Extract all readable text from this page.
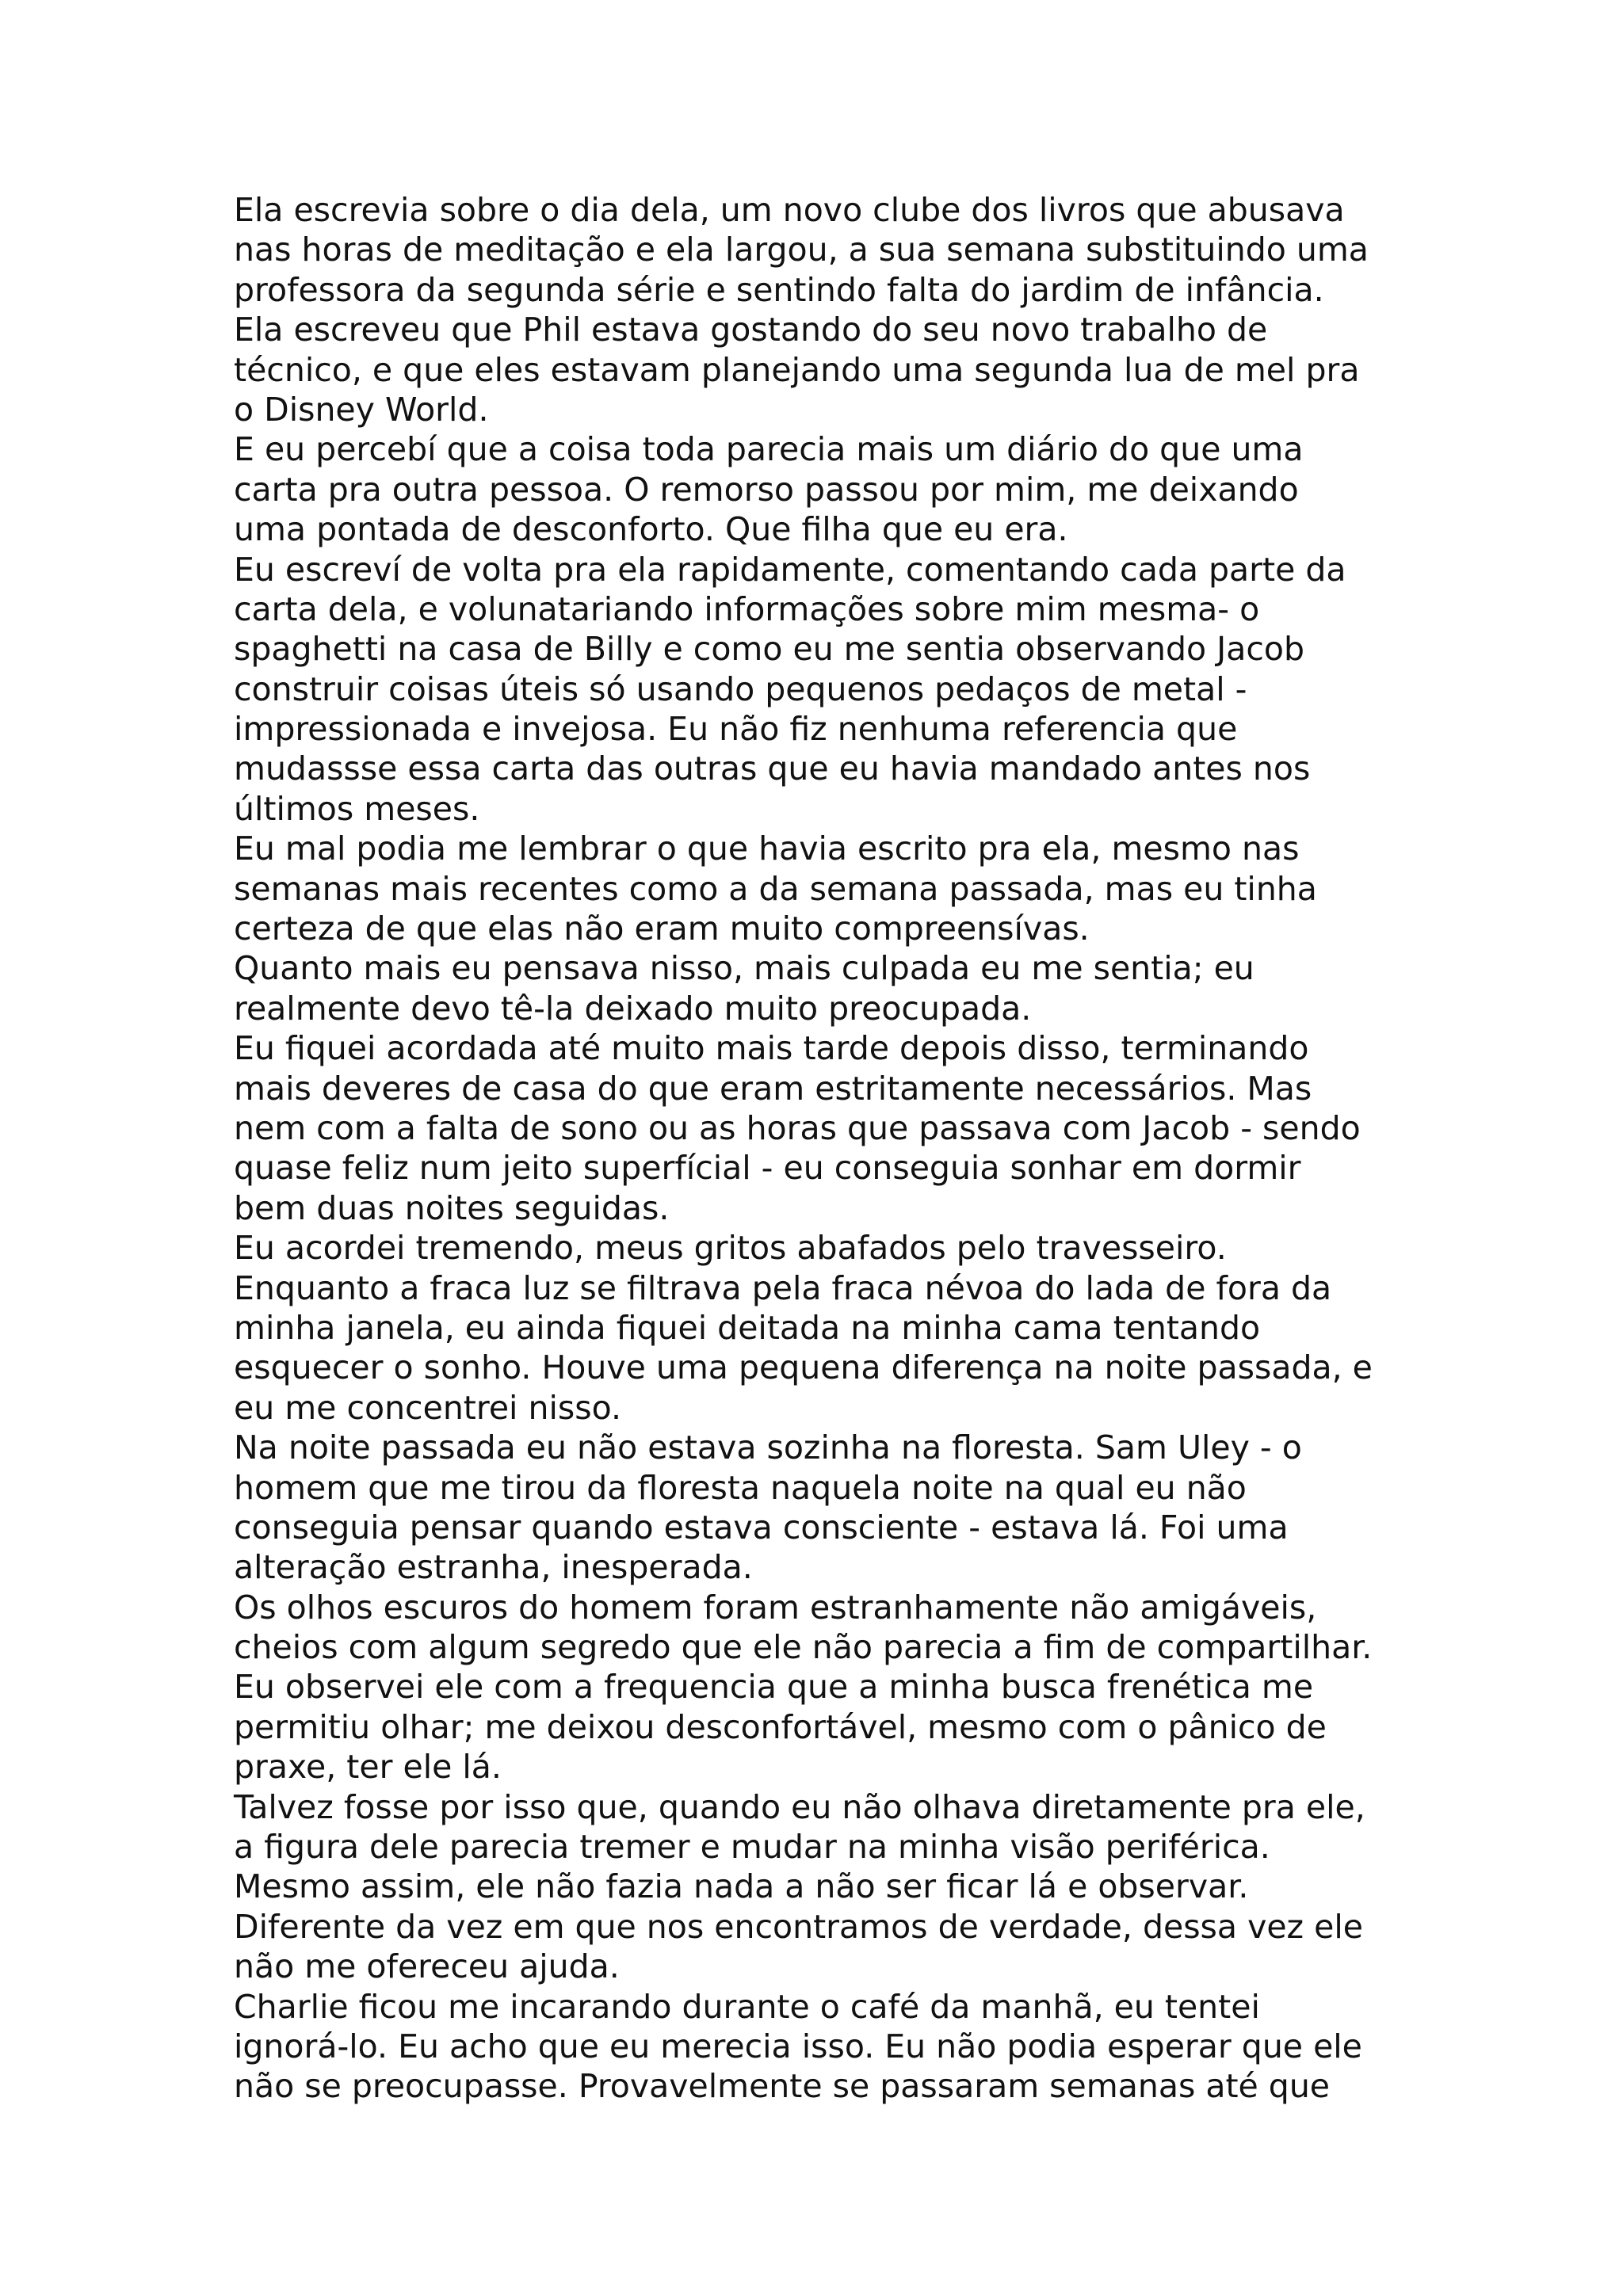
Ela escrevia sobre o dia dela, um novo clube dos livros que abusava
nas horas de meditação e ela largou, a sua semana substituindo uma
professora da segunda série e sentindo falta do jardim de infância.
Ela escreveu que Phil estava gostando do seu novo trabalho de
técnico, e que eles estavam planejando uma segunda lua de mel pra
o Disney World.
E eu percebí que a coisa toda parecia mais um diário do que uma
carta pra outra pessoa. O remorso passou por mim, me deixando
uma pontada de desconforto. Que filha que eu era.
Eu escreví de volta pra ela rapidamente, comentando cada parte da
carta dela, e volunatariando informações sobre mim mesma- o
spaghetti na casa de Billy e como eu me sentia observando Jacob
construir coisas úteis só usando pequenos pedaços de metal -
impressionada e invejosa. Eu não fiz nenhuma referencia que
mudassse essa carta das outras que eu havia mandado antes nos
últimos meses.
Eu mal podia me lembrar o que havia escrito pra ela, mesmo nas
semanas mais recentes como a da semana passada, mas eu tinha
certeza de que elas não eram muito compreensívas.
Quanto mais eu pensava nisso, mais culpada eu me sentia; eu
realmente devo tê-la deixado muito preocupada.
Eu fiquei acordada até muito mais tarde depois disso, terminando
mais deveres de casa do que eram estritamente necessários. Mas
nem com a falta de sono ou as horas que passava com Jacob - sendo
quase feliz num jeito superfícial - eu conseguia sonhar em dormir
bem duas noites seguidas.
Eu acordei tremendo, meus gritos abafados pelo travesseiro.
Enquanto a fraca luz se filtrava pela fraca névoa do lada de fora da
minha janela, eu ainda fiquei deitada na minha cama tentando
esquecer o sonho. Houve uma pequena diferença na noite passada, e
eu me concentrei nisso.
Na noite passada eu não estava sozinha na floresta. Sam Uley - o
homem que me tirou da floresta naquela noite na qual eu não
conseguia pensar quando estava consciente - estava lá. Foi uma
alteração estranha, inesperada.
Os olhos escuros do homem foram estranhamente não amigáveis,
cheios com algum segredo que ele não parecia a fim de compartilhar.
Eu observei ele com a frequencia que a minha busca frenética me
permitiu olhar; me deixou desconfortável, mesmo com o pânico de
praxe, ter ele lá.
Talvez fosse por isso que, quando eu não olhava diretamente pra ele,
a figura dele parecia tremer e mudar na minha visão periférica.
Mesmo assim, ele não fazia nada a não ser ficar lá e observar.
Diferente da vez em que nos encontramos de verdade, dessa vez ele
não me ofereceu ajuda.
Charlie ficou me incarando durante o café da manhã, eu tentei
ignorá-lo. Eu acho que eu merecia isso. Eu não podia esperar que ele
não se preocupasse. Provavelmente se passaram semanas até que
